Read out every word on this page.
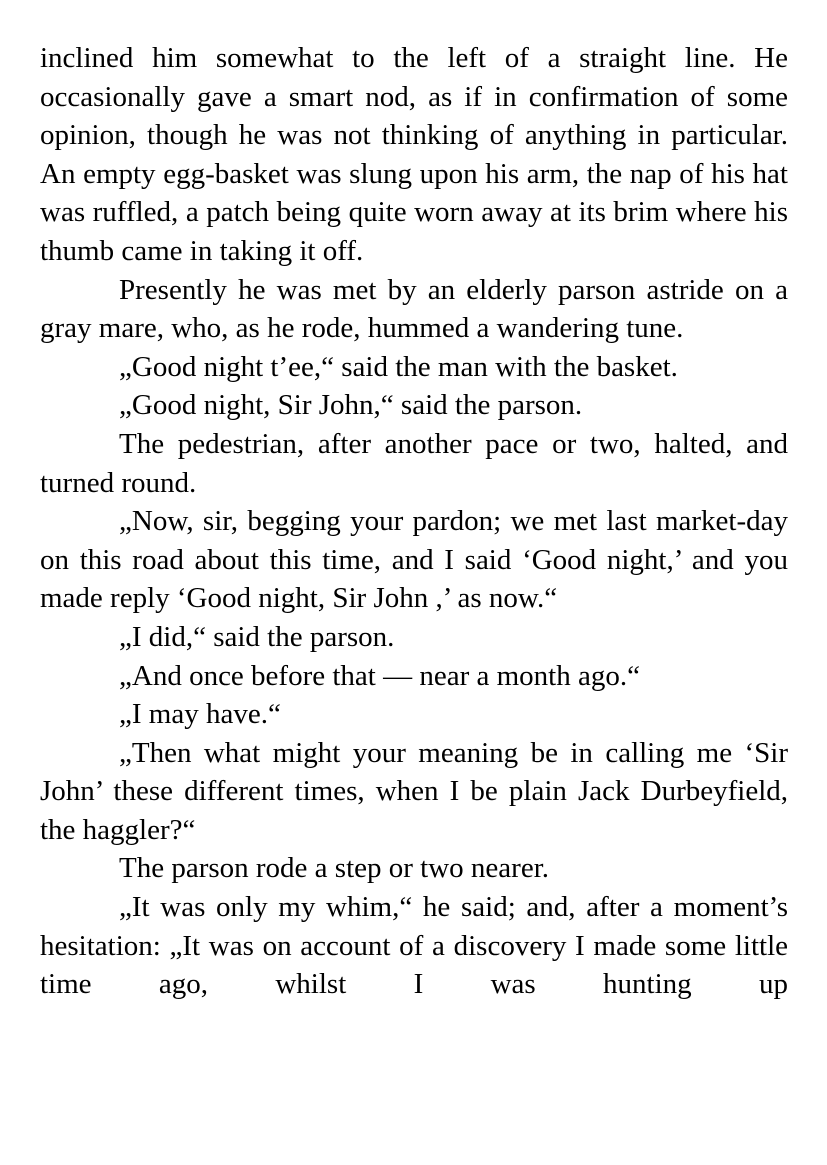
inclined him somewhat to the left of a straight line. He occasionally gave a smart nod, as if in confirmation of some opinion, though he was not thinking of anything in particular. An empty egg-basket was slung upon his arm, the nap of his hat was ruffled, a patch being quite worn away at its brim where his thumb came in taking it off.

Presently he was met by an elderly parson astride on a gray mare, who, as he rode, hummed a wandering tune.

„Good night t’ee,“ said the man with the basket.

„Good night, Sir John,“ said the parson.

The pedestrian, after another pace or two, halted, and turned round.

„Now, sir, begging your pardon; we met last market-day on this road about this time, and I said ‘Good night,’ and you made reply ‘Good night, Sir John ,’ as now.“

„I did,“ said the parson.

„And once before that — near a month ago.“

„I may have.“

„Then what might your meaning be in calling me ‘Sir John’ these different times, when I be plain Jack Durbeyfield, the haggler?“

The parson rode a step or two nearer.

„It was only my whim,“ he said; and, after a moment’s hesitation: „It was on account of a discovery I made some little time ago, whilst I was hunting up
